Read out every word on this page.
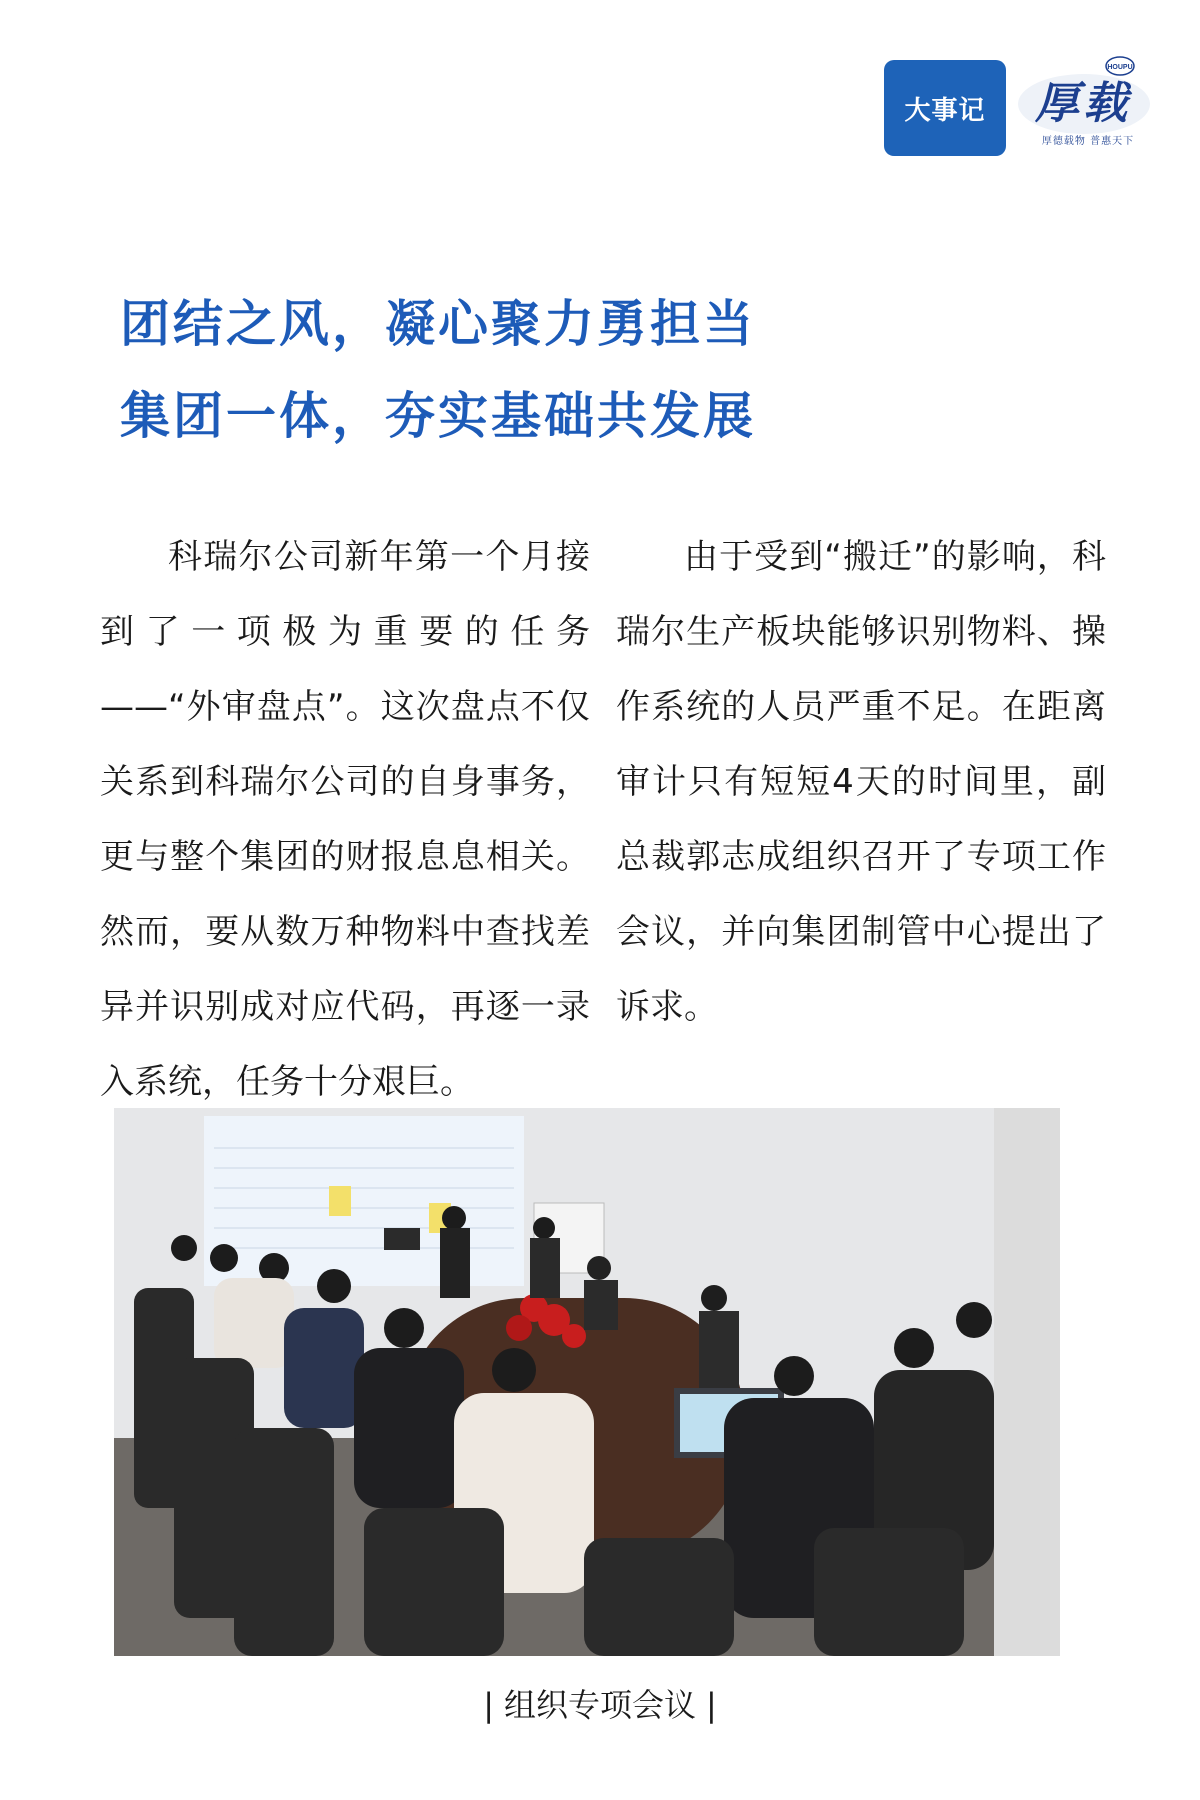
大事记
HOUPU
厚载
厚德载物 普惠天下
团结之风，凝心聚力勇担当
集团一体，夯实基础共发展

科瑞尔公司新年第一个月接到了一项极为重要的任务——“外审盘点”。这次盘点不仅关系到科瑞尔公司的自身事务，更与整个集团的财报息息相关。然而，要从数万种物料中查找差异并识别成对应代码，再逐一录入系统，任务十分艰巨。

由于受到“搬迁”的影响，科瑞尔生产板块能够识别物料、操作系统的人员严重不足。在距离审计只有短短4天的时间里，副总裁郭志成组织召开了专项工作会议，并向集团制管中心提出了诉求。

| 组织专项会议 |
